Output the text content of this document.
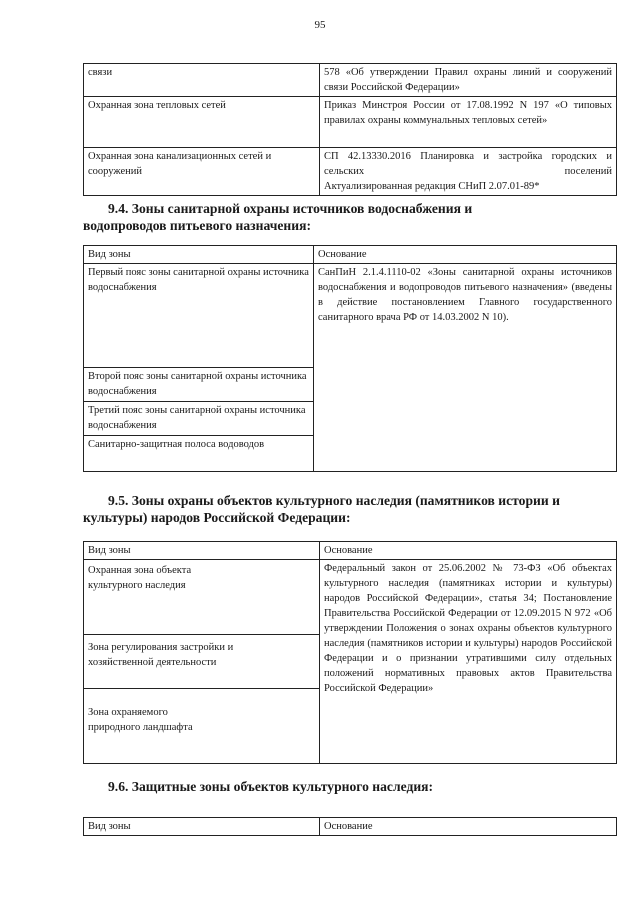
95
связи	578 «Об утверждении Правил охраны линий и сооружений связи Российской Федерации»
Охранная зона тепловых сетей	Приказ Минстроя России от 17.08.1992 N 197 «О типовых правилах охраны коммунальных тепловых сетей»
Охранная зона канализационных сетей и сооружений	СП 42.13330.2016 Планировка и застройка городских и сельских поселений
Актуализированная редакция СНиП 2.07.01-89*

9.4. Зоны санитарной охраны источников водоснабжения и водопроводов питьевого назначения:

Вид зоны	Основание
Первый пояс зоны санитарной охраны источника водоснабжения	СанПиН 2.1.4.1110-02 «Зоны санитарной охраны источников водоснабжения и водопроводов питьевого назначения» (введены в действие постановлением Главного государственного санитарного врача РФ от 14.03.2002 N 10).
Второй пояс зоны санитарной охраны источника водоснабжения	
Третий пояс зоны санитарной охраны источника водоснабжения	
Санитарно-защитная полоса водоводов	

9.5. Зоны охраны объектов культурного наследия (памятников истории и культуры) народов Российской Федерации:

Вид зоны	Основание
Охранная зона объекта культурного наследия	Федеральный закон от 25.06.2002 № 73-ФЗ «Об объектах культурного наследия (памятниках истории и культуры) народов Российской Федерации», статья 34; Постановление Правительства Российской Федерации от 12.09.2015 N 972 «Об утверждении Положения о зонах охраны объектов культурного наследия (памятников истории и культуры) народов Российской Федерации и о признании утратившими силу отдельных положений нормативных правовых актов Правительства Российской Федерации»
Зона регулирования застройки и хозяйственной деятельности	
Зона охраняемого природного ландшафта	

9.6. Защитные зоны объектов культурного наследия:

Вид зоны	Основание
